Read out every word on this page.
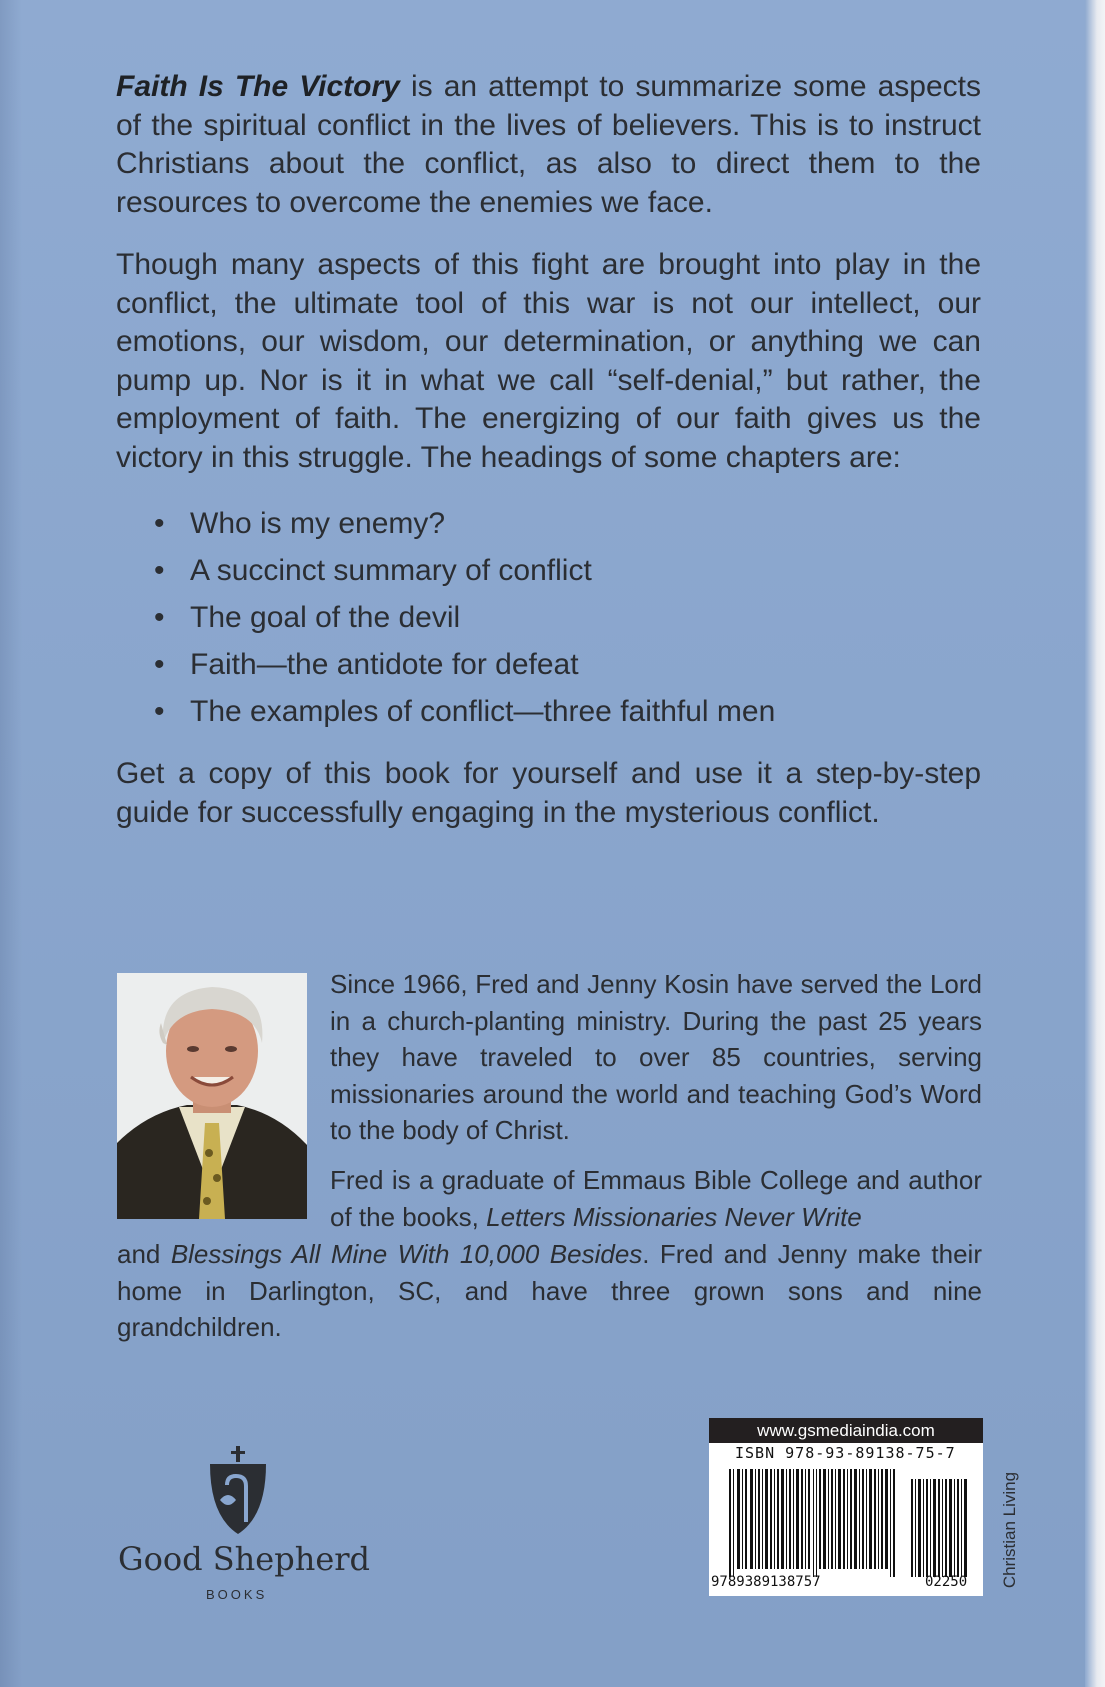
Faith Is The Victory is an attempt to summarize some aspects of the spiritual conflict in the lives of believers. This is to instruct Christians about the conflict, as also to direct them to the resources to overcome the enemies we face.
Though many aspects of this fight are brought into play in the conflict, the ultimate tool of this war is not our intellect, our emotions, our wisdom, our determination, or anything we can pump up. Nor is it in what we call “self-denial,” but rather, the employment of faith. The energizing of our faith gives us the victory in this struggle. The headings of some chapters are:
• Who is my enemy?
• A succinct summary of conflict
• The goal of the devil
• Faith—the antidote for defeat
• The examples of conflict—three faithful men
Get a copy of this book for yourself and use it a step-by-step guide for successfully engaging in the mysterious conflict.
Since 1966, Fred and Jenny Kosin have served the Lord in a church-planting ministry. During the past 25 years they have traveled to over 85 countries, serving missionaries around the world and teaching God’s Word to the body of Christ.
Fred is a graduate of Emmaus Bible College and author of the books, Letters Missionaries Never Write
and Blessings All Mine With 10,000 Besides. Fred and Jenny make their home in Darlington, SC, and have three grown sons and nine grandchildren.
Good Shepherd
BOOKS
www.gsmediaindia.com
ISBN 978-93-89138-75-7
9789389138757	02250 Christian Living
